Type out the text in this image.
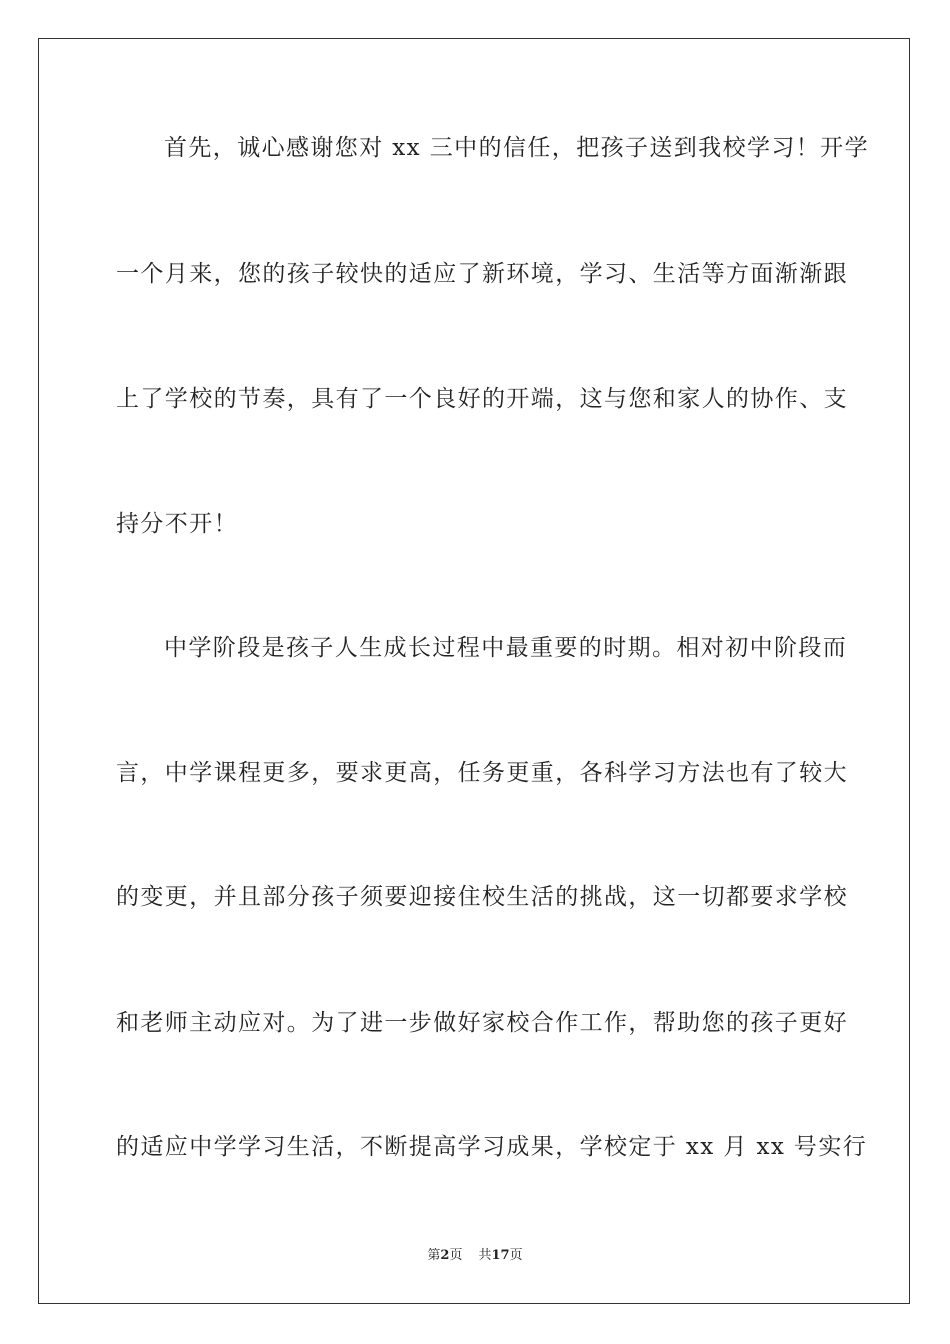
首先，诚心感谢您对 xx 三中的信任，把孩子送到我校学习！开学
一个月来，您的孩子较快的适应了新环境，学习、生活等方面渐渐跟
上了学校的节奏，具有了一个良好的开端，这与您和家人的协作、支
持分不开！
中学阶段是孩子人生成长过程中最重要的时期。相对初中阶段而
言，中学课程更多，要求更高，任务更重，各科学习方法也有了较大
的变更，并且部分孩子须要迎接住校生活的挑战，这一切都要求学校
和老师主动应对。为了进一步做好家校合作工作，帮助您的孩子更好
的适应中学学习生活，不断提高学习成果，学校定于 xx 月 xx 号实行
第2页 共17页
